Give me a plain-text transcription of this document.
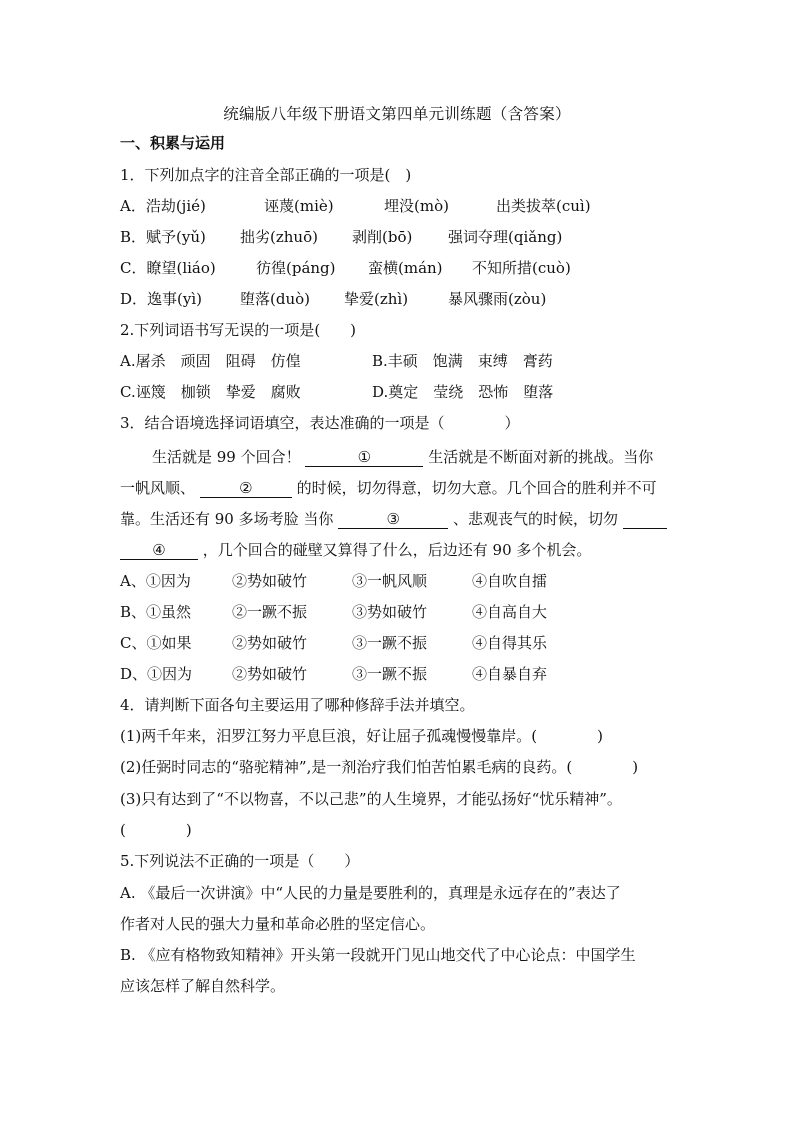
统编版八年级下册语文第四单元训练题（含答案）
一、积累与运用
1．下列加点字的注音全部正确的一项是(　)
A．浩劫(jié)	诬蔑(miè)	埋没(mò)	出类拔萃(cuì)
B．赋予(yǔ) 拙劣(zhuō) 剥削(bō) 强词夺理(qiǎng)
C．瞭望(liáo)	彷徨(páng) 蛮横(mán) 不知所措(cuò)
D．逸事(yì)	堕落(duò) 挚爱(zhì)	暴风骤雨(zòu)
2.下列词语书写无误的一项是(　　)
A.屠杀　顽固　阻碍　仿偟	B.丰硕　饱满　束缚　膏药
C.诬篾　枷锁　挚爱　腐败	D.奠定　莹绕　恐怖　堕落
3．结合语境选择词语填空，表达准确的一项是（　　　　）
生活就是 99 个回合！	①	生活就是不断面对新的挑战。当你
一帆风顺、	②	的时候，切勿得意，切勿大意。几个回合的胜利并不可
靠。生活还有 90 多场考脸 当你	③	、悲观丧气的时候，切勿
④ ，几个回合的碰壁又算得了什么，后边还有 90 多个机会。
A、①因为	②势如破竹	③一帆风顺	④自吹自擂
B、①虽然	②一蹶不振	③势如破竹	④自高自大
C、①如果	②势如破竹	③一蹶不振	④自得其乐
D、①因为	②势如破竹	③一蹶不振	④自暴自弃
4．请判断下面各句主要运用了哪种修辞手法并填空。
(1)两千年来，汨罗江努力平息巨浪，好让屈子孤魂慢慢靠岸。(　　　　)
(2)任弼时同志的“骆驼精神”,是一剂治疗我们怕苦怕累毛病的良药。(　　　　)
(3)只有达到了“不以物喜，不以己悲”的人生境界，才能弘扬好“忧乐精神”。
(　　　　)
5.下列说法不正确的一项是（　　）
A. 《最后一次讲演》中“人民的力量是要胜利的，真理是永远存在的”表达了
作者对人民的强大力量和革命必胜的坚定信心。
B. 《应有格物致知精神》开头第一段就开门见山地交代了中心论点：中国学生
应该怎样了解自然科学。
